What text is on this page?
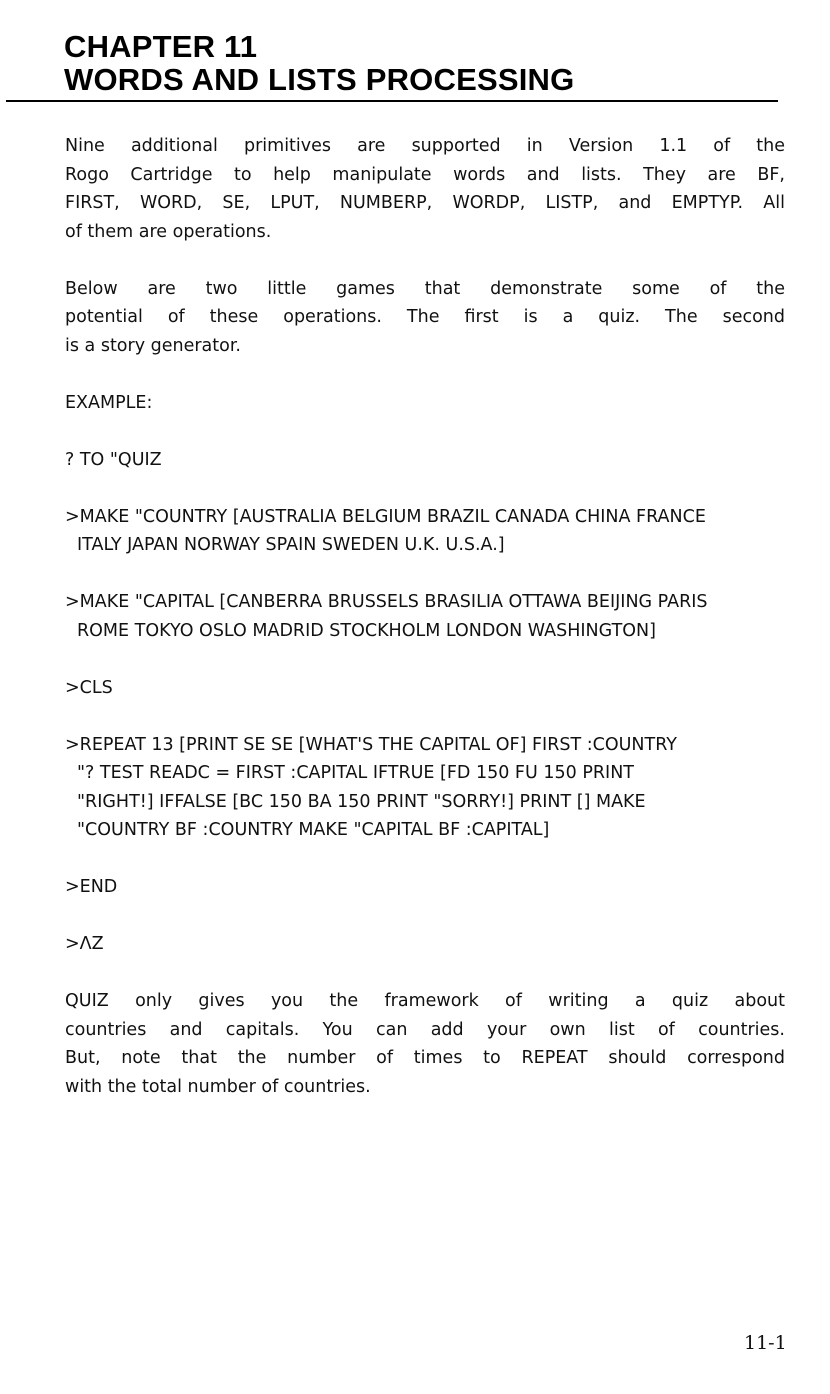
CHAPTER 11
WORDS AND LISTS PROCESSING
Nine additional primitives are supported in Version 1.1 of the
Rogo Cartridge to help manipulate words and lists. They are BF,
FIRST, WORD, SE, LPUT, NUMBERP, WORDP, LISTP, and EMPTYP. All
of them are operations.
Below are two little games that demonstrate some of the
potential of these operations. The first is a quiz. The second
is a story generator.
EXAMPLE:
? TO "QUIZ
>MAKE "COUNTRY [AUSTRALIA BELGIUM BRAZIL CANADA CHINA FRANCE
ITALY JAPAN NORWAY SPAIN SWEDEN U.K. U.S.A.]
>MAKE "CAPITAL [CANBERRA BRUSSELS BRASILIA OTTAWA BEIJING PARIS
ROME TOKYO OSLO MADRID STOCKHOLM LONDON WASHINGTON]
>CLS
>REPEAT 13 [PRINT SE SE [WHAT'S THE CAPITAL OF] FIRST :COUNTRY
"? TEST READC = FIRST :CAPITAL IFTRUE [FD 150 FU 150 PRINT
"RIGHT!] IFFALSE [BC 150 BA 150 PRINT "SORRY!] PRINT [] MAKE
"COUNTRY BF :COUNTRY MAKE "CAPITAL BF :CAPITAL]
>END
>ΛZ
QUIZ only gives you the framework of writing a quiz about
countries and capitals. You can add your own list of countries.
But, note that the number of times to REPEAT should correspond
with the total number of countries.
11-1
